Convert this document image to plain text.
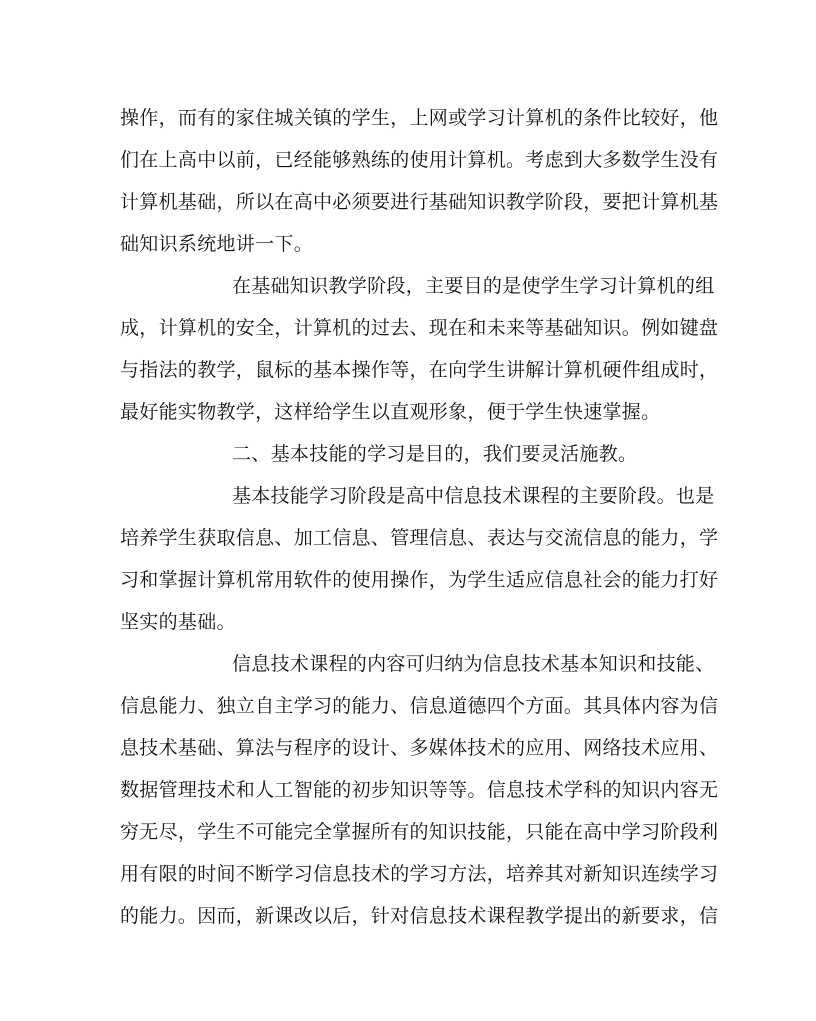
操作，而有的家住城关镇的学生，上网或学习计算机的条件比较好，他
们在上高中以前，已经能够熟练的使用计算机。考虑到大多数学生没有
计算机基础，所以在高中必须要进行基础知识教学阶段，要把计算机基
础知识系统地讲一下。
在基础知识教学阶段，主要目的是使学生学习计算机的组
成，计算机的安全，计算机的过去、现在和未来等基础知识。例如键盘
与指法的教学，鼠标的基本操作等，在向学生讲解计算机硬件组成时，
最好能实物教学，这样给学生以直观形象，便于学生快速掌握。
二、基本技能的学习是目的，我们要灵活施教。
基本技能学习阶段是高中信息技术课程的主要阶段。也是
培养学生获取信息、加工信息、管理信息、表达与交流信息的能力，学
习和掌握计算机常用软件的使用操作，为学生适应信息社会的能力打好
坚实的基础。
信息技术课程的内容可归纳为信息技术基本知识和技能、
信息能力、独立自主学习的能力、信息道德四个方面。其具体内容为信
息技术基础、算法与程序的设计、多媒体技术的应用、网络技术应用、
数据管理技术和人工智能的初步知识等等。信息技术学科的知识内容无
穷无尽，学生不可能完全掌握所有的知识技能，只能在高中学习阶段利
用有限的时间不断学习信息技术的学习方法，培养其对新知识连续学习
的能力。因而，新课改以后，针对信息技术课程教学提出的新要求，信
